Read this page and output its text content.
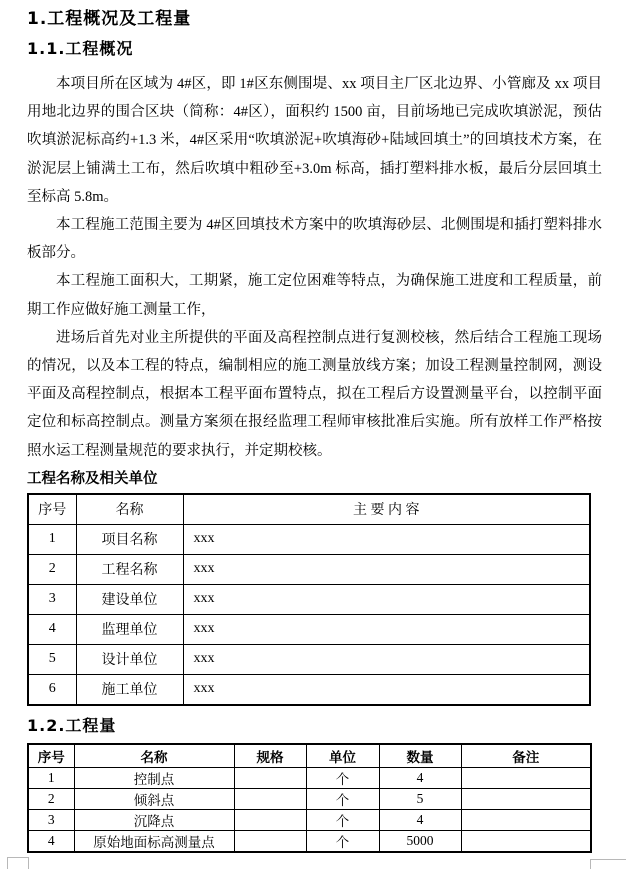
1.工程概况及工程量
1.1.工程概况

本项目所在区域为 4#区，即 1#区东侧围堤、xx 项目主厂区北边界、小管廊及 xx 项目用地北边界的围合区块（简称：4#区），面积约 1500 亩，目前场地已完成吹填淤泥，预估吹填淤泥标高约+1.3 米，4#区采用“吹填淤泥+吹填海砂+陆域回填土”的回填技术方案，在淤泥层上铺满土工布，然后吹填中粗砂至+3.0m 标高，插打塑料排水板，最后分层回填土至标高 5.8m。

本工程施工范围主要为 4#区回填技术方案中的吹填海砂层、北侧围堤和插打塑料排水板部分。

本工程施工面积大，工期紧，施工定位困难等特点，为确保施工进度和工程质量，前期工作应做好施工测量工作，

进场后首先对业主所提供的平面及高程控制点进行复测校核，然后结合工程施工现场的情况，以及本工程的特点，编制相应的施工测量放线方案；加设工程测量控制网，测设平面及高程控制点，根据本工程平面布置特点，拟在工程后方设置测量平台，以控制平面定位和标高控制点。测量方案须在报经监理工程师审核批准后实施。所有放样工作严格按照水运工程测量规范的要求执行，并定期校核。

工程名称及相关单位
序号	名称	主 要 内 容
1	项目名称	xxx
2	工程名称	xxx
3	建设单位	xxx
4	监理单位	xxx
5	设计单位	xxx
6	施工单位	xxx
1.2.工程量
序号	名称	规格	单位	数量	备注
1	控制点		个	4	
2	倾斜点		个	5	
3	沉降点		个	4	
4	原始地面标高测量点		个	5000	
